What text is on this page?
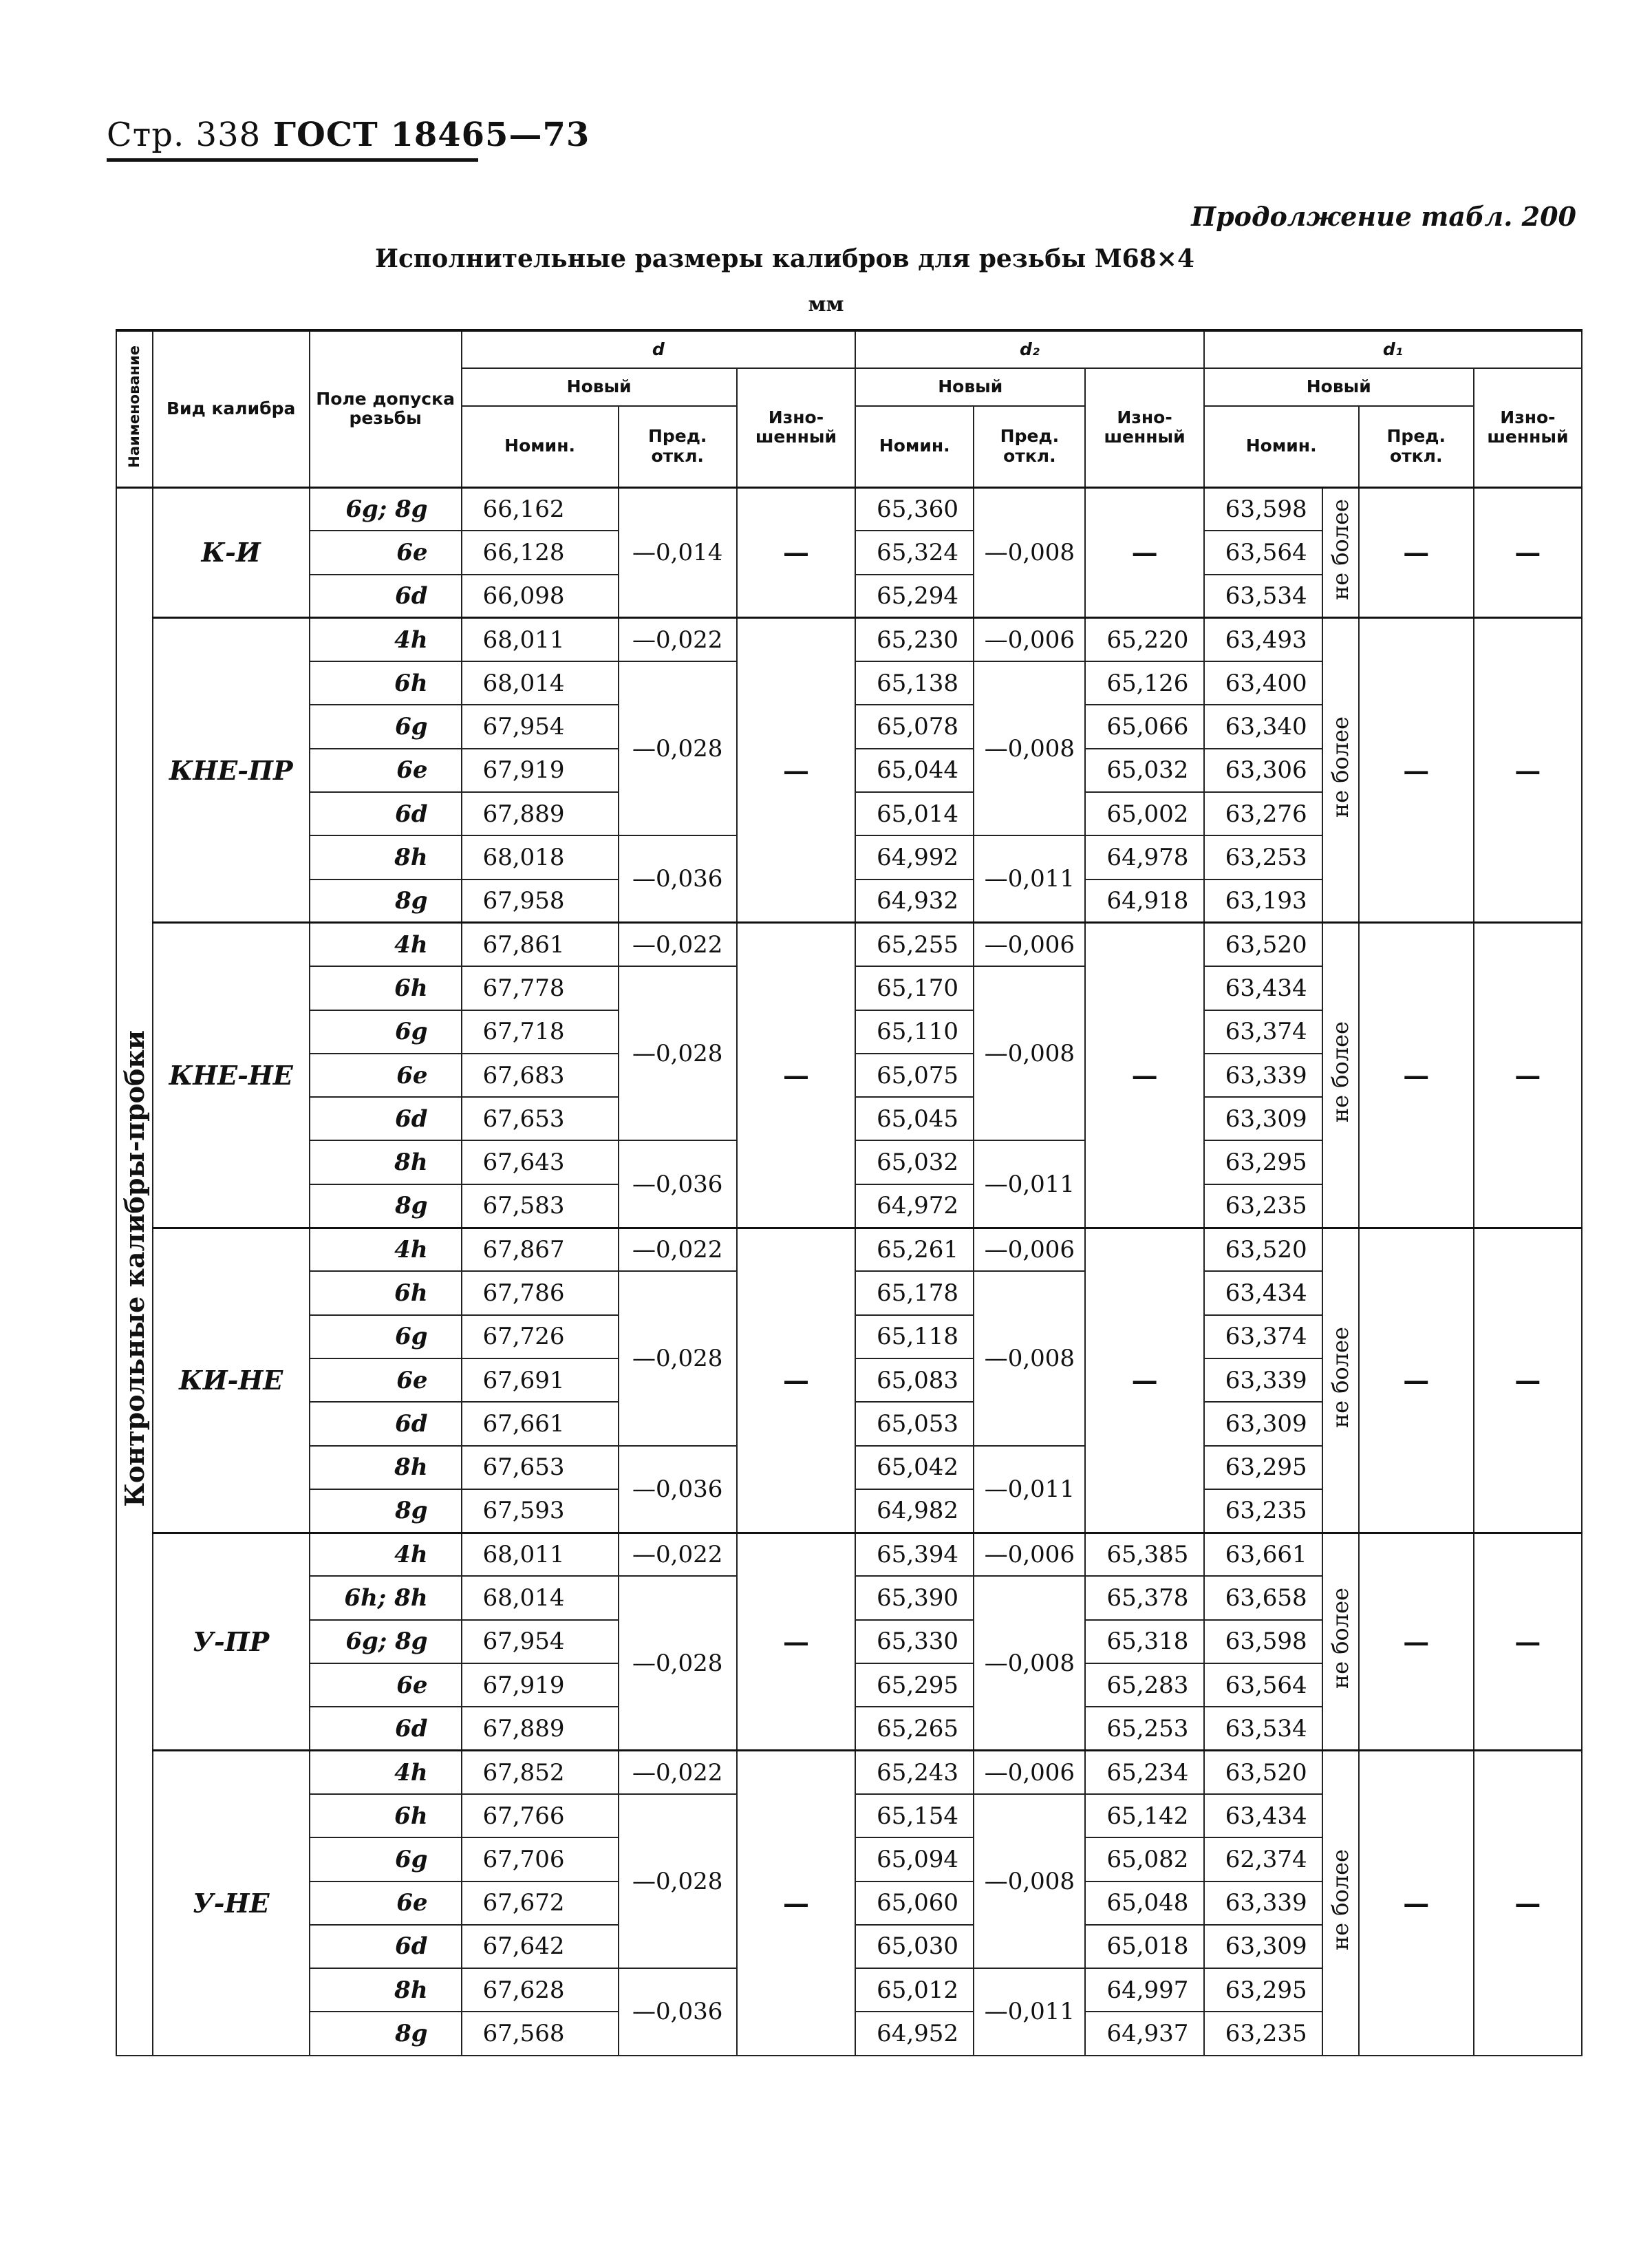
Стр. 338 ГОСТ 18465—73
Продолжение табл. 200
Исполнительные размеры калибров для резьбы М68×4
мм
Наименование	Вид калибра	Поле допуска резьбы	d			d₂			d₁			
			Новый		Изно-шенный	Новый		Изно-шенный	Новый			Изно-шенный
			Номин.	Пред. откл.		Номин.	Пред. откл.		Номин.		Пред. откл.	
Контрольные калибры-пробки	К-И	6g; 8g	66,162	—0,014	—	65,360	—0,008	—	63,598	не более	—	—
		6e	66,128			65,324			63,564			
		6d	66,098			65,294			63,534			
	КНЕ-ПР	4h	68,011	—0,022	—	65,230	—0,006	65,220	63,493	не более	—	—
		6h	68,014	—0,028		65,138	—0,008	65,126	63,400			
		6g	67,954			65,078		65,066	63,340			
		6e	67,919			65,044		65,032	63,306			
		6d	67,889			65,014		65,002	63,276			
		8h	68,018	—0,036		64,992	—0,011	64,978	63,253			
		8g	67,958			64,932		64,918	63,193			
	КНЕ-НЕ	4h	67,861	—0,022	—	65,255	—0,006	—	63,520	не более	—	—
		6h	67,778	—0,028		65,170	—0,008		63,434			
		6g	67,718			65,110			63,374			
		6e	67,683			65,075			63,339			
		6d	67,653			65,045			63,309			
		8h	67,643	—0,036		65,032	—0,011		63,295			
		8g	67,583			64,972			63,235			
	КИ-НЕ	4h	67,867	—0,022	—	65,261	—0,006	—	63,520	не более	—	—
		6h	67,786	—0,028		65,178	—0,008		63,434			
		6g	67,726			65,118			63,374			
		6e	67,691			65,083			63,339			
		6d	67,661			65,053			63,309			
		8h	67,653	—0,036		65,042	—0,011		63,295			
		8g	67,593			64,982			63,235			
	У-ПР	4h	68,011	—0,022	—	65,394	—0,006	65,385	63,661	не более	—	—
		6h; 8h	68,014	—0,028		65,390	—0,008	65,378	63,658			
		6g; 8g	67,954			65,330		65,318	63,598			
		6e	67,919			65,295		65,283	63,564			
		6d	67,889			65,265		65,253	63,534			
	У-НЕ	4h	67,852	—0,022	—	65,243	—0,006	65,234	63,520	не более	—	—
		6h	67,766	—0,028		65,154	—0,008	65,142	63,434			
		6g	67,706			65,094		65,082	62,374			
		6e	67,672			65,060		65,048	63,339			
		6d	67,642			65,030		65,018	63,309			
		8h	67,628	—0,036		65,012	—0,011	64,997	63,295			
		8g	67,568			64,952		64,937	63,235			
